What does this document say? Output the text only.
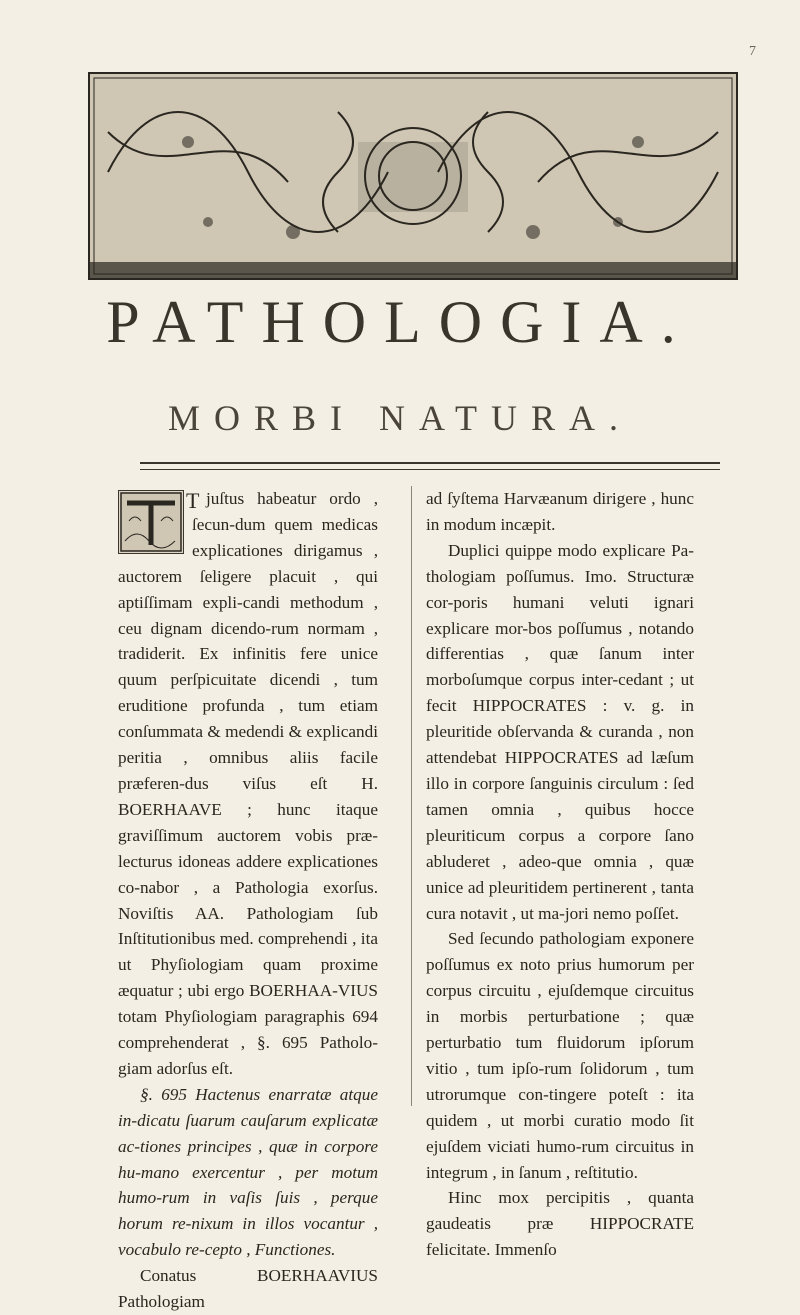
7
PATHOLOGIA.
MORBI NATURA.

juſtus habeatur ordo , ſecun-dum quem medicas explicationes dirigamus , auctorem ſeligere placuit , qui aptiſſimam expli-candi methodum , ceu dignam dicendo-rum normam , tradiderit. Ex infinitis fere unice quum perſpicuitate dicendi , tum eruditione profunda , tum etiam conſummata & medendi & explicandi peritia , omnibus aliis facile præferen-dus viſus eſt H. BOERHAAVE ; hunc itaque graviſſimum auctorem vobis præ-lecturus idoneas addere explicationes co-nabor , a Pathologia exorſus. Noviſtis AA. Pathologiam ſub Inſtitutionibus med. comprehendi , ita ut Phyſiologiam quam proxime æquatur ; ubi ergo BOERHAA-VIUS totam Phyſiologiam paragraphis 694 comprehenderat , §. 695 Patholo-giam adorſus eſt.

§. 695 Hactenus enarratæ atque in-dicatu ſuarum cauſarum explicatæ ac-tiones principes , quæ in corpore hu-mano exercentur , per motum humo-rum in vaſis ſuis , perque horum re-nixum in illos vocantur , vocabulo re-cepto , Functiones.

Conatus BOERHAAVIUS Pathologiam

ad ſyſtema Harvæanum dirigere , hunc in modum incæpit.

Duplici quippe modo explicare Pa-thologiam poſſumus. Imo. Structuræ cor-poris humani veluti ignari explicare mor-bos poſſumus , notando differentias , quæ ſanum inter morboſumque corpus inter-cedant ; ut fecit HIPPOCRATES : v. g. in pleuritide obſervanda & curanda , non attendebat HIPPOCRATES ad læſum illo in corpore ſanguinis circulum : ſed tamen omnia , quibus hocce pleuriticum corpus a corpore ſano abluderet , adeo-que omnia , quæ unice ad pleuritidem pertinerent , tanta cura notavit , ut ma-jori nemo poſſet.

Sed ſecundo pathologiam exponere poſſumus ex noto prius humorum per corpus circuitu , ejuſdemque circuitus in morbis perturbatione ; quæ perturbatio tum fluidorum ipſorum vitio , tum ipſo-rum ſolidorum , tum utrorumque con-tingere poteſt : ita quidem , ut morbi curatio modo ſit ejuſdem viciati humo-rum circuitus in integrum , in ſanum , reſtitutio.

Hinc mox percipitis , quanta gaudeatis præ HIPPOCRATE felicitate. Immenſo

T
